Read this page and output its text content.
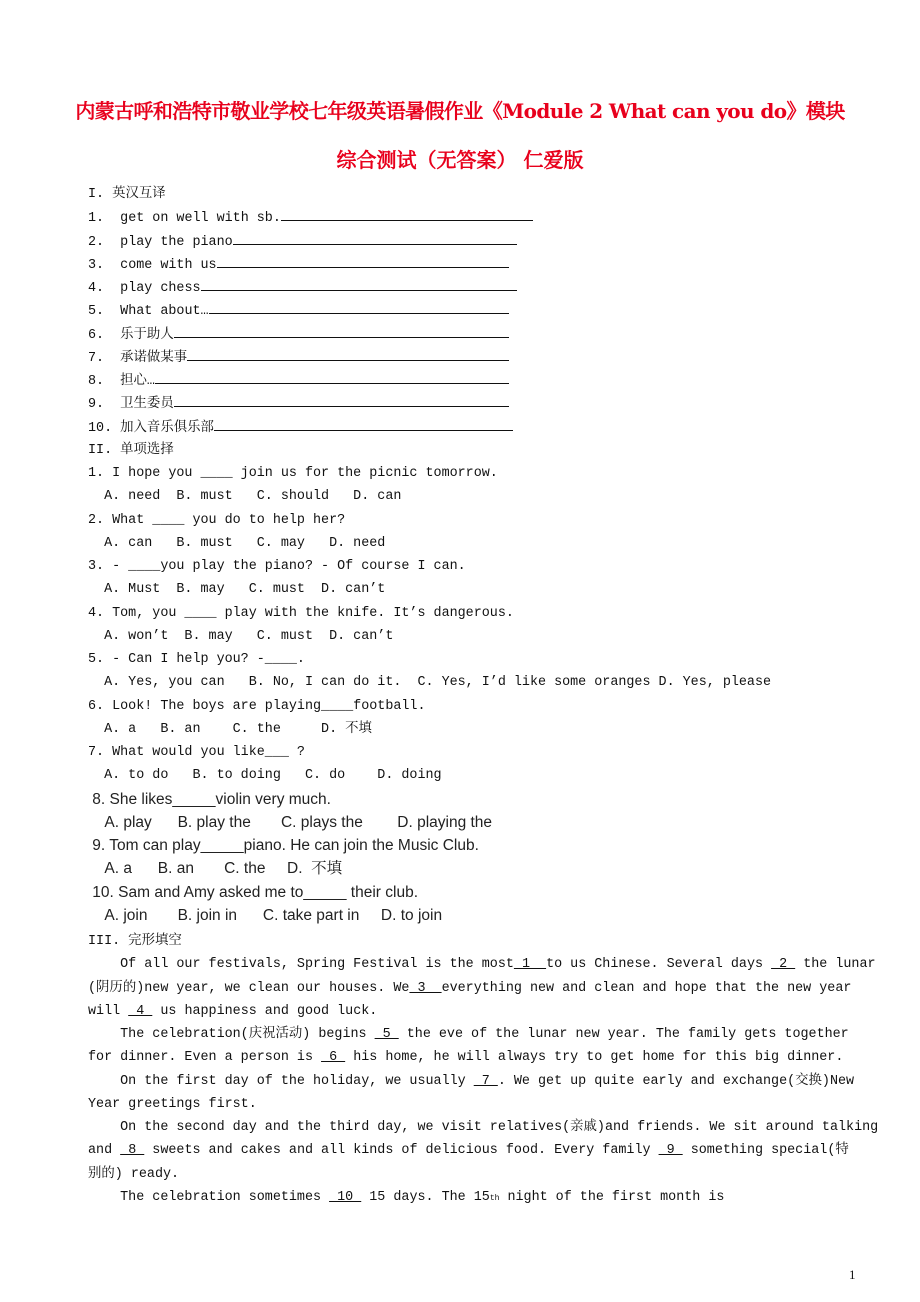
内蒙古呼和浩特市敬业学校七年级英语暑假作业《Module 2 What can you do》模块
综合测试（无答案） 仁爱版
I. 英汉互译
1. get on well with sb.
2. play the piano
3. come with us
4. play chess
5. What about…
6. 乐于助人
7. 承诺做某事
8. 担心…
9. 卫生委员
10. 加入音乐俱乐部
II. 单项选择
1. I hope you ____ join us for the picnic tomorrow.
A. need  B. must   C. should   D. can
2. What ____ you do to help her?
A. can   B. must   C. may   D. need
3. - ____you play the piano? - Of course I can.
A. Must  B. may   C. must  D. can’t
4. Tom, you ____ play with the knife. It’s dangerous.
A. won’t  B. may   C. must  D. can’t
5. - Can I help you? -____.
A. Yes, you can   B. No, I can do it.  C. Yes, I’d like some oranges D. Yes, please
6. Look! The boys are playing____football.
A. a   B. an    C. the     D. 不填
7. What would you like___ ?
A. to do   B. to doing   C. do    D. doing
8. She likes_____violin very much.
A. play      B. play the       C. plays the        D. playing the
9. Tom can play_____piano. He can join the Music Club.
A. a      B. an       C. the     D.  不填
10. Sam and Amy asked me to_____ their club.
A. join       B. join in      C. take part in     D. to join
III. 完形填空
Of all our festivals, Spring Festival is the most 1 to us Chinese. Several days 2 the lunar
(阴历的)new year, we clean our houses. We 3 everything new and clean and hope that the new year
will 4 us happiness and good luck.
The celebration(庆祝活动) begins 5 the eve of the lunar new year. The family gets together
for dinner. Even a person is 6 his home, he will always try to get home for this big dinner.
On the first day of the holiday, we usually 7 . We get up quite early and exchange(交换)New
Year greetings first.
On the second day and the third day, we visit relatives(亲戚)and friends. We sit around talking
and 8 sweets and cakes and all kinds of delicious food. Every family 9 something special(特
别的) ready.
The celebration sometimes 10 15 days. The 15 th night of the first month is
1
